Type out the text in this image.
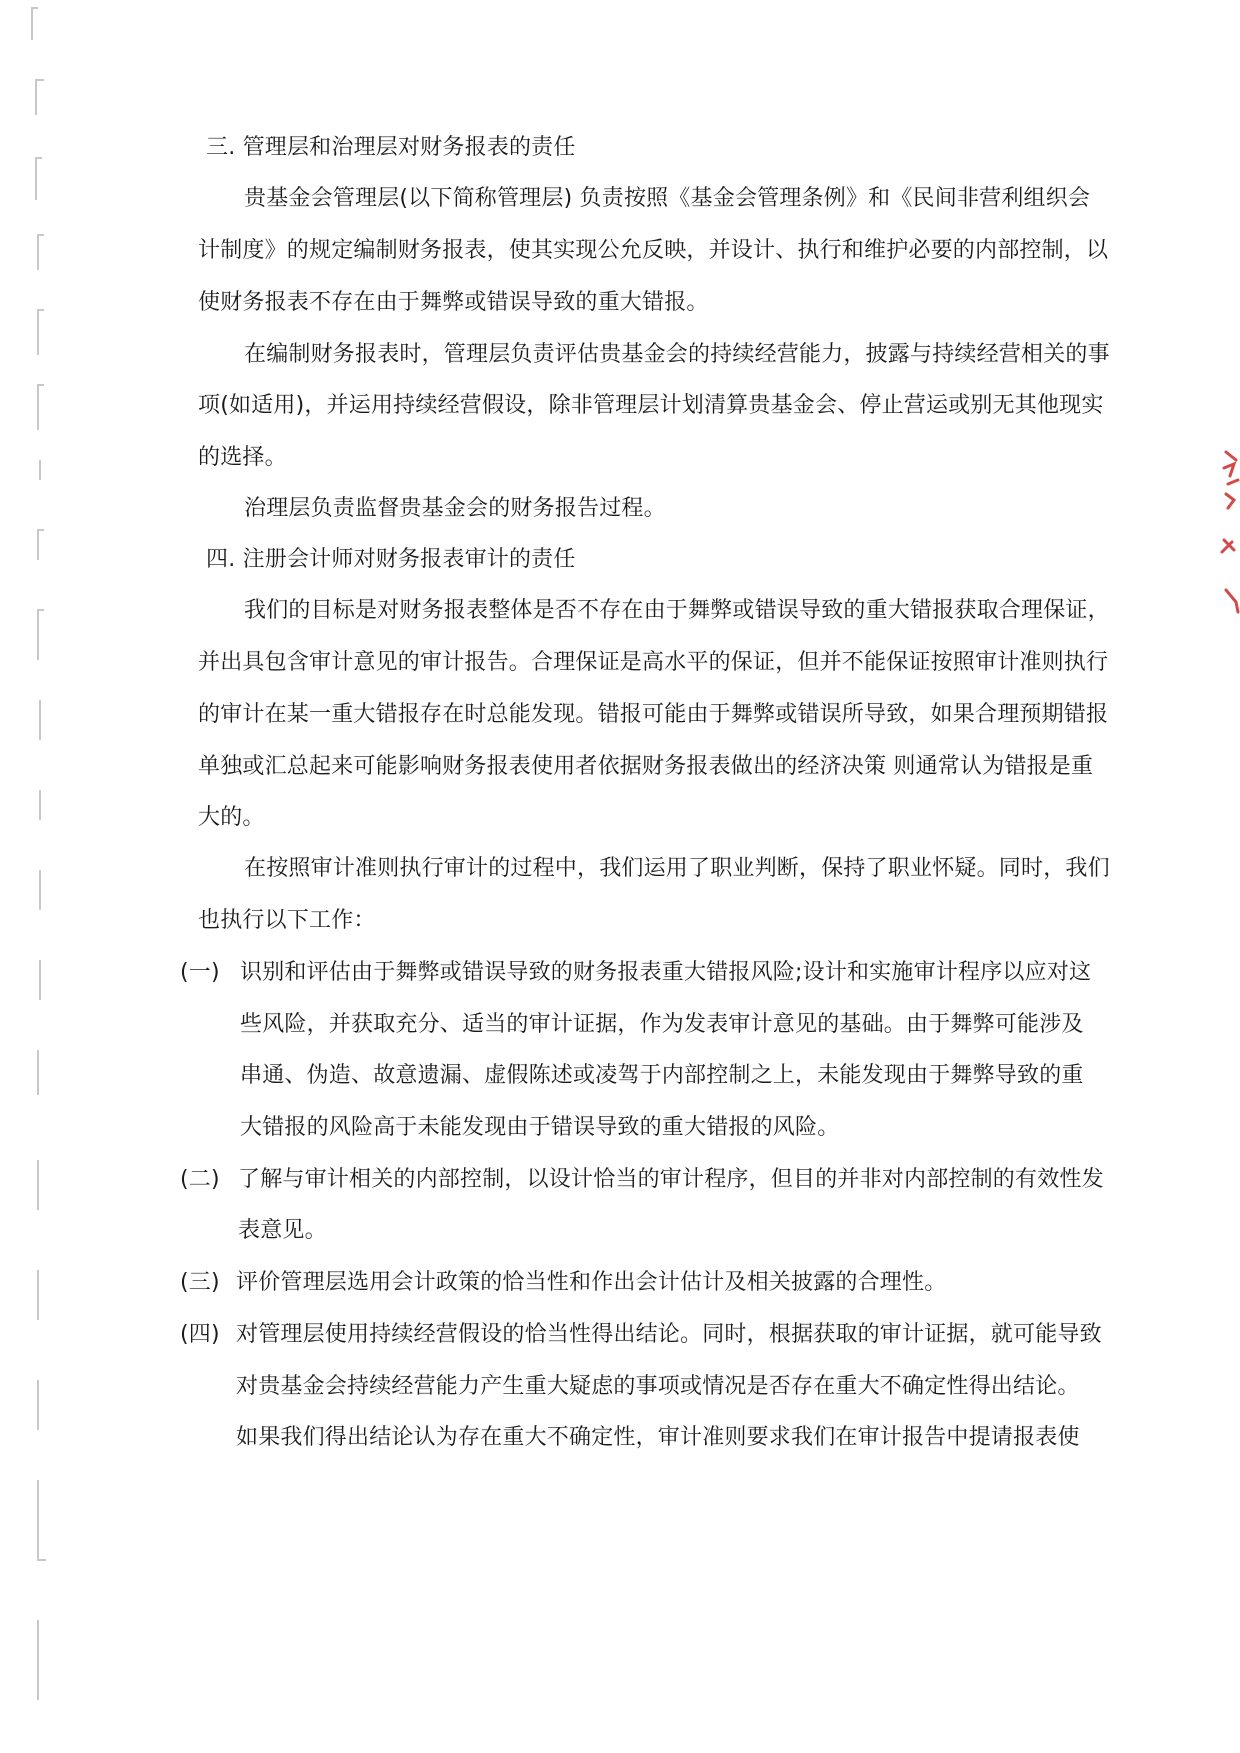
三. 管理层和治理层对财务报表的责任

贵基金会管理层(以下简称管理层) 负责按照《基金会管理条例》和《民间非营利组织会

计制度》的规定编制财务报表，使其实现公允反映，并设计、执行和维护必要的内部控制，以

使财务报表不存在由于舞弊或错误导致的重大错报。

在编制财务报表时，管理层负责评估贵基金会的持续经营能力，披露与持续经营相关的事

项(如适用)，并运用持续经营假设，除非管理层计划清算贵基金会、停止营运或别无其他现实

的选择。

治理层负责监督贵基金会的财务报告过程。

四. 注册会计师对财务报表审计的责任

我们的目标是对财务报表整体是否不存在由于舞弊或错误导致的重大错报获取合理保证，

并出具包含审计意见的审计报告。合理保证是高水平的保证，但并不能保证按照审计准则执行

的审计在某一重大错报存在时总能发现。错报可能由于舞弊或错误所导致，如果合理预期错报

单独或汇总起来可能影响财务报表使用者依据财务报表做出的经济决策 则通常认为错报是重

大的。

在按照审计准则执行审计的过程中，我们运用了职业判断，保持了职业怀疑。同时，我们

也执行以下工作：

(一) 识别和评估由于舞弊或错误导致的财务报表重大错报风险;设计和实施审计程序以应对这

些风险，并获取充分、适当的审计证据，作为发表审计意见的基础。由于舞弊可能涉及

串通、伪造、故意遗漏、虚假陈述或凌驾于内部控制之上，未能发现由于舞弊导致的重

大错报的风险高于未能发现由于错误导致的重大错报的风险。

(二) 了解与审计相关的内部控制，以设计恰当的审计程序，但目的并非对内部控制的有效性发

表意见。

(三) 评价管理层选用会计政策的恰当性和作出会计估计及相关披露的合理性。

(四) 对管理层使用持续经营假设的恰当性得出结论。同时，根据获取的审计证据，就可能导致

对贵基金会持续经营能力产生重大疑虑的事项或情况是否存在重大不确定性得出结论。

如果我们得出结论认为存在重大不确定性，审计准则要求我们在审计报告中提请报表使
